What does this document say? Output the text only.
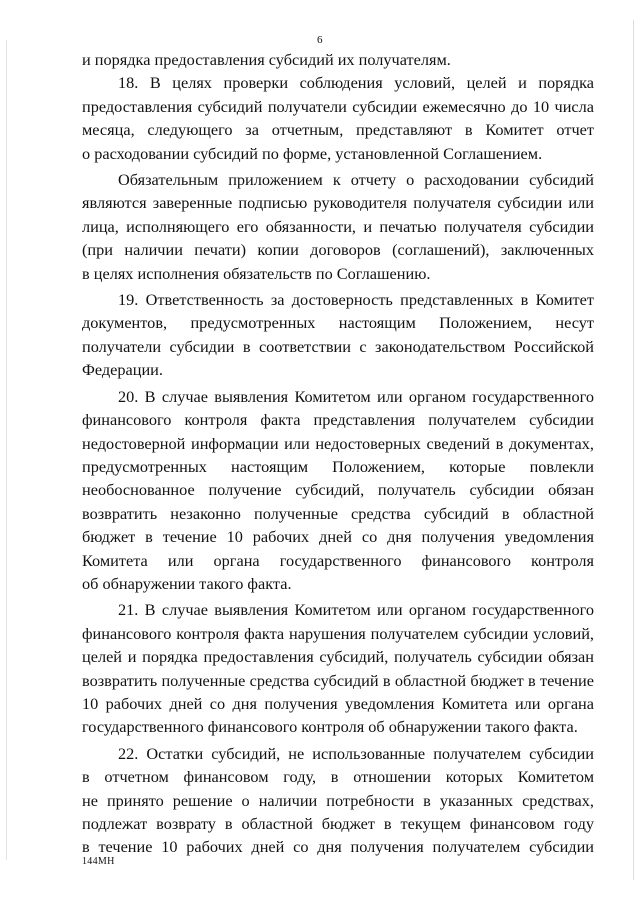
6

и порядка предоставления субсидий их получателям.

18. В целях проверки соблюдения условий, целей и порядка
предоставления субсидий получатели субсидии ежемесячно до 10 числа
месяца, следующего за отчетным, представляют в Комитет отчет
о расходовании субсидий по форме, установленной Соглашением.

Обязательным приложением к отчету о расходовании субсидий
являются заверенные подписью руководителя получателя субсидии или
лица, исполняющего его обязанности, и печатью получателя субсидии
(при наличии печати) копии договоров (соглашений), заключенных
в целях исполнения обязательств по Соглашению.

19. Ответственность за достоверность представленных в Комитет
документов, предусмотренных настоящим Положением, несут
получатели субсидии в соответствии с законодательством Российской
Федерации.

20. В случае выявления Комитетом или органом государственного
финансового контроля факта представления получателем субсидии
недостоверной информации или недостоверных сведений в документах,
предусмотренных настоящим Положением, которые повлекли
необоснованное получение субсидий, получатель субсидии обязан
возвратить незаконно полученные средства субсидий в областной
бюджет в течение 10 рабочих дней со дня получения уведомления
Комитета или органа государственного финансового контроля
об обнаружении такого факта.

21. В случае выявления Комитетом или органом государственного
финансового контроля факта нарушения получателем субсидии условий,
целей и порядка предоставления субсидий, получатель субсидии обязан
возвратить полученные средства субсидий в областной бюджет в течение
10 рабочих дней со дня получения уведомления Комитета или органа
государственного финансового контроля об обнаружении такого факта.

22. Остатки субсидий, не использованные получателем субсидии
в отчетном финансовом году, в отношении которых Комитетом
не принято решение о наличии потребности в указанных средствах,
подлежат возврату в областной бюджет в текущем финансовом году
в течение 10 рабочих дней со дня получения получателем субсидии

144МН
